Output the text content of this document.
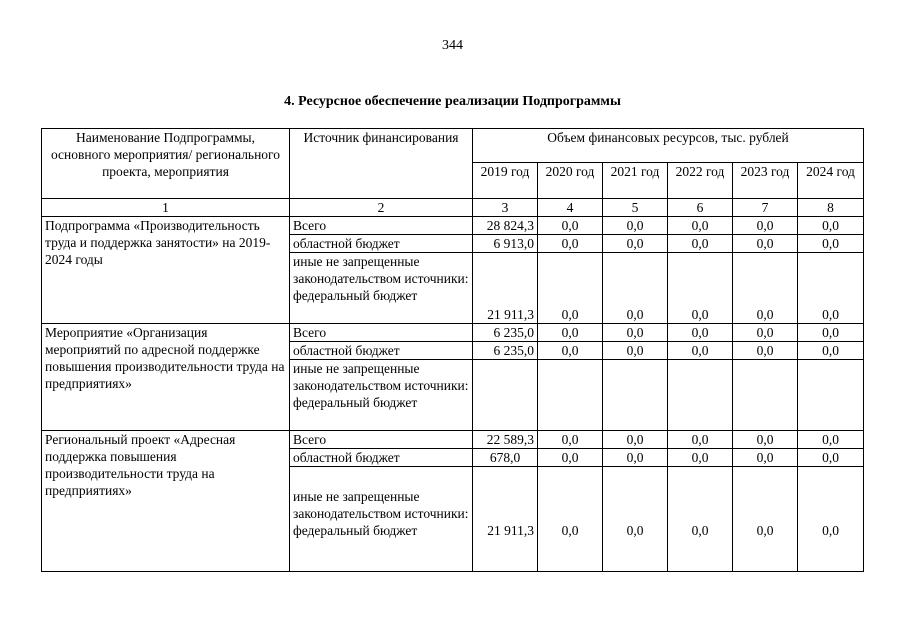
344
4. Ресурсное обеспечение реализации Подпрограммы
Наименование Подпрограммы, основного мероприятия/ регионального проекта, мероприятия	Источник финансирования	Объем финансовых ресурсов, тыс. рублей					
		2019 год	2020 год	2021 год	2022 год	2023 год	2024 год
1	2	3	4	5	6	7	8
Подпрограмма «Производительность труда и поддержка занятости» на 2019-2024 годы	Всего	28 824,3	0,0	0,0	0,0	0,0	0,0
	областной бюджет	6 913,0	0,0	0,0	0,0	0,0	0,0
	иные не запрещенные законодательством источники: федеральный бюджет	21 911,3	0,0	0,0	0,0	0,0	0,0
Мероприятие «Организация мероприятий по адресной поддержке повышения производительности труда на предприятиях»	Всего	6 235,0	0,0	0,0	0,0	0,0	0,0
	областной бюджет	6 235,0	0,0	0,0	0,0	0,0	0,0
	иные не запрещенные законодательством источники: федеральный бюджет						
Региональный проект «Адресная поддержка повышения производительности труда на предприятиях»	Всего	22 589,3	0,0	0,0	0,0	0,0	0,0
	областной бюджет	678,0	0,0	0,0	0,0	0,0	0,0

	иные не запрещенные законодательством источники: федеральный бюджет	21 911,3	0,0	0,0	0,0	0,0	0,0
